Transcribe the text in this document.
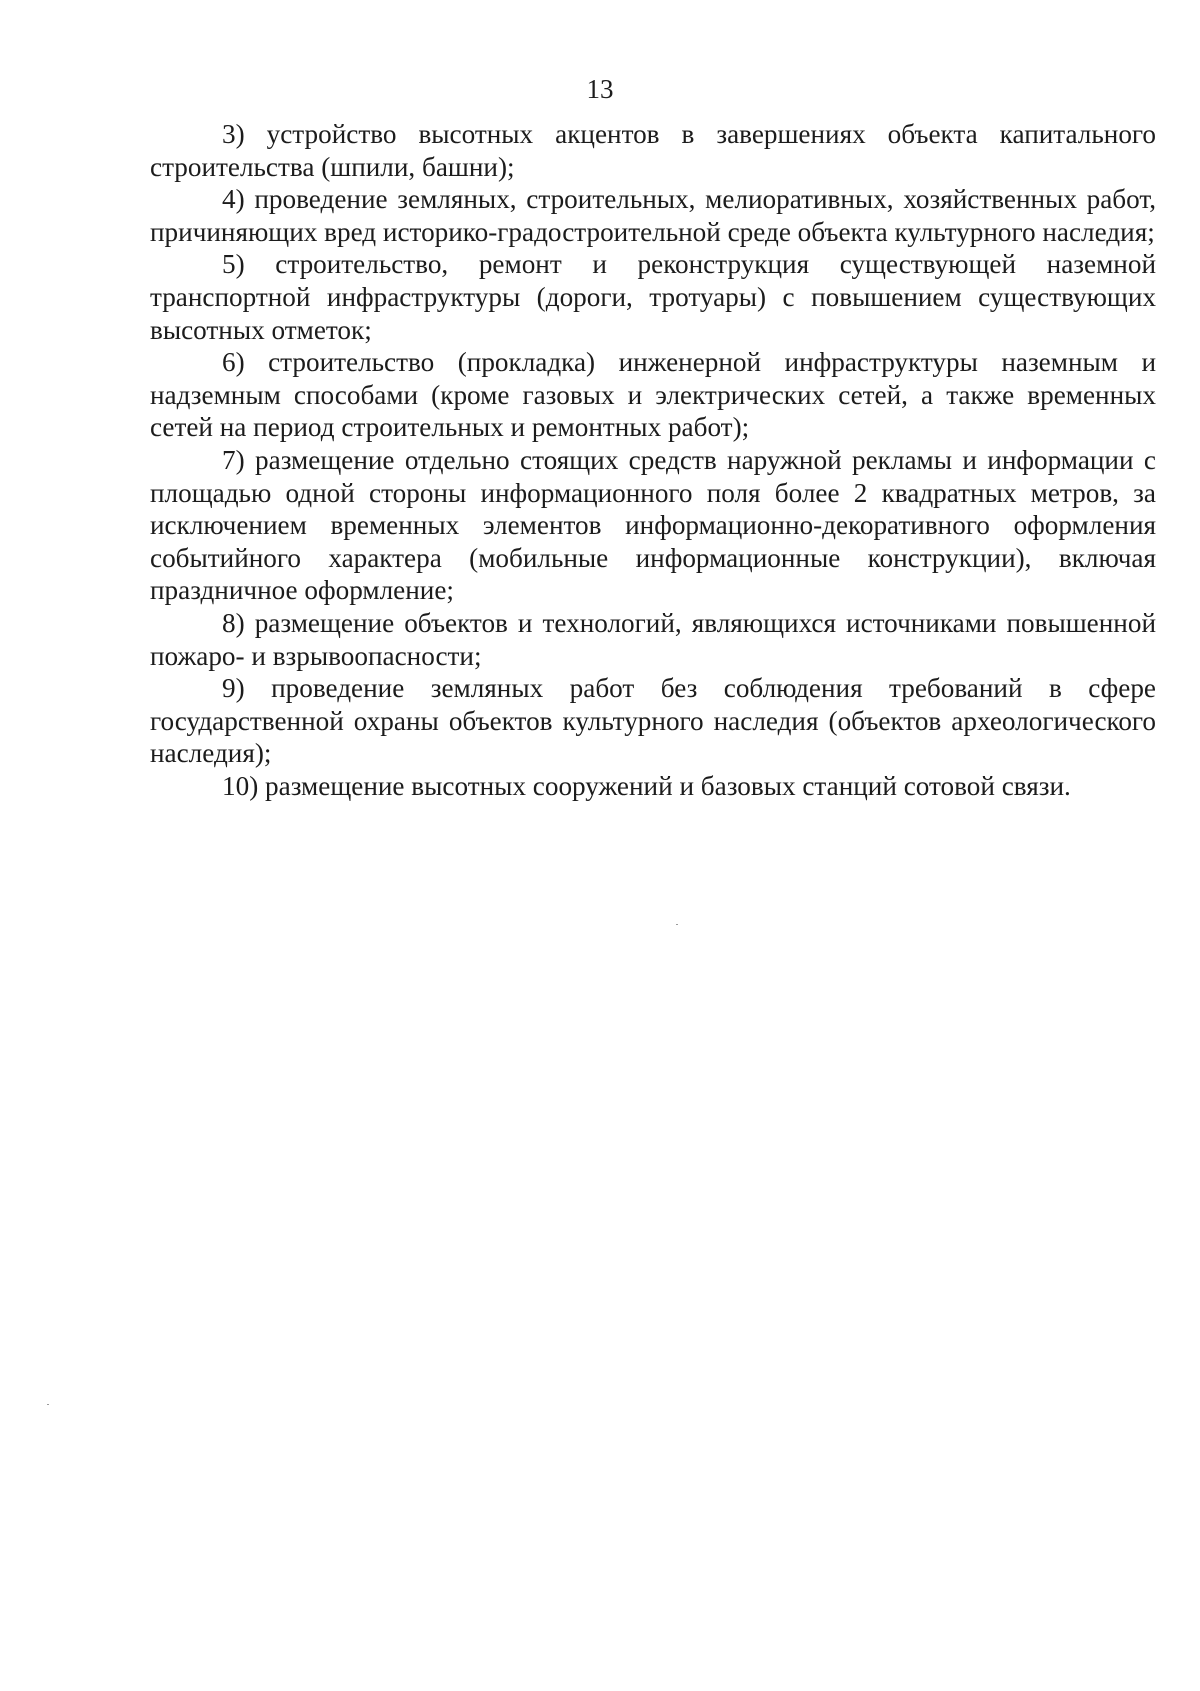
13

3) устройство высотных акцентов в завершениях объекта капитального строительства (шпили, башни);

4) проведение земляных, строительных, мелиоративных, хозяйственных работ, причиняющих вред историко-градостроительной среде объекта культурного наследия;

5) строительство, ремонт и реконструкция существующей наземной транспортной инфраструктуры (дороги, тротуары) с повышением существующих высотных отметок;

6) строительство (прокладка) инженерной инфраструктуры наземным и надземным способами (кроме газовых и электрических сетей, а также временных сетей на период строительных и ремонтных работ);

7) размещение отдельно стоящих средств наружной рекламы и информации с площадью одной стороны информационного поля более 2 квадратных метров, за исключением временных элементов информационно-декоративного оформления событийного характера (мобильные информационные конструкции), включая праздничное оформление;

8) размещение объектов и технологий, являющихся источниками повышенной пожаро- и взрывоопасности;

9) проведение земляных работ без соблюдения требований в сфере государственной охраны объектов культурного наследия (объектов археологического наследия);

10) размещение высотных сооружений и базовых станций сотовой связи.
